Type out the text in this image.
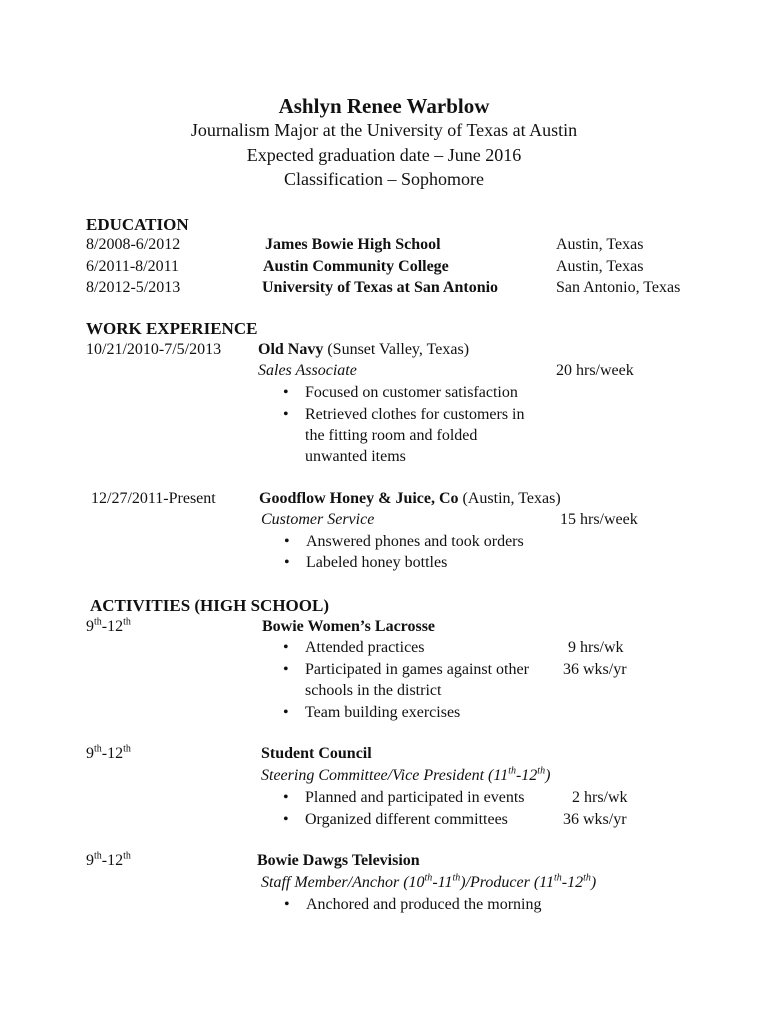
Ashlyn Renee Warblow
Journalism Major at the University of Texas at Austin
Expected graduation date – June 2016
Classification – Sophomore
EDUCATION
8/2008-6/2012	James Bowie High School	Austin, Texas
6/2011-8/2011	Austin Community College	Austin, Texas
8/2012-5/2013	University of Texas at San Antonio	San Antonio, Texas
WORK EXPERIENCE
10/21/2010-7/5/2013 Old Navy (Sunset Valley, Texas)
Sales Associate	20 hrs/week
• Focused on customer satisfaction
• Retrieved clothes for customers in
the fitting room and folded
unwanted items
12/27/2011-Present	Goodflow Honey & Juice, Co (Austin, Texas)
Customer Service	15 hrs/week
• Answered phones and took orders
• Labeled honey bottles
ACTIVITIES (HIGH SCHOOL)
9th-12th	Bowie Women’s Lacrosse
• Attended practices	9 hrs/wk
• Participated in games against other 36 wks/yr
schools in the district
• Team building exercises
9th-12th	Student Council
Steering Committee/Vice President (11th-12th)
• Planned and participated in events	2 hrs/wk
• Organized different committees	36 wks/yr
9th-12th	Bowie Dawgs Television
Staff Member/Anchor (10th-11th)/Producer (11th-12th)
• Anchored and produced the morning
